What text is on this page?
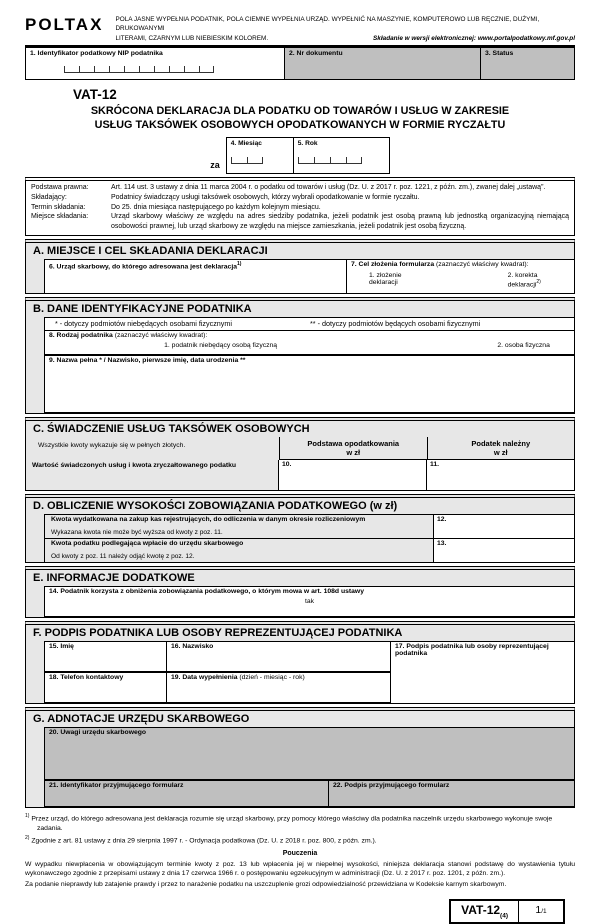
POLTAX POLA JASNE WYPEŁNIA PODATNIK, POLA CIEMNE WYPEŁNIA URZĄD. WYPEŁNIĆ NA MASZYNIE, KOMPUTEROWO LUB RĘCZNIE, DUŻYMI, DRUKOWANYMI
LITERAMI, CZARNYM LUB NIEBIESKIM KOLOREM.	Składanie w wersji elektronicznej: www.portalpodatkowy.mf.gov.pl
1. Identyfikator podatkowy NIP podatnika	2. Nr dokumentu	3. Status
VAT-12
SKRÓCONA DEKLARACJA DLA PODATKU OD TOWARÓW I USŁUG W ZAKRESIE
USŁUG TAKSÓWEK OSOBOWYCH OPODATKOWANYCH W FORMIE RYCZAŁTU
za
4. Miesiąc	5. Rok
Podstawa prawna:	Art. 114 ust. 3 ustawy z dnia 11 marca 2004 r. o podatku od towarów i usług (Dz. U. z 2017 r. poz. 1221, z późn. zm.), zwanej dalej „ustawą”.
Składający:	Podatnicy świadczący usługi taksówek osobowych, którzy wybrali opodatkowanie w formie ryczałtu.
Termin składania:	Do 25. dnia miesiąca następującego po każdym kolejnym miesiącu.
Miejsce składania:	Urząd skarbowy właściwy ze względu na adres siedziby podatnika, jeżeli podatnik jest osobą prawną lub jednostką organizacyjną niemającą osobowości prawnej, lub urząd skarbowy ze względu na miejsce zamieszkania, jeżeli podatnik jest osobą fizyczną.
A. MIEJSCE I CEL SKŁADANIA DEKLARACJI
6. Urząd skarbowy, do którego adresowana jest deklaracja$^{1)}$	7. Cel złożenia formularza (zaznaczyć właściwy kwadrat):
1. złożenie deklaracji
2. korekta deklaracji$^{2)}$
B. DANE IDENTYFIKACYJNE PODATNIKA
* - dotyczy podmiotów niebędących osobami fizycznymi	** - dotyczy podmiotów będących osobami fizycznymi
8. Rodzaj podatnika (zaznaczyć właściwy kwadrat):
1. podatnik niebędący osobą fizyczną	2. osoba fizyczna
9. Nazwa pełna * / Nazwisko, pierwsze imię, data urodzenia **
C. ŚWIADCZENIE USŁUG TAKSÓWEK OSOBOWYCH
Wszystkie kwoty wykazuje się w pełnych złotych.	Podstawa opodatkowania
w zł
Podatek należny
w zł
Wartość świadczonych usług i kwota zryczałtowanego podatku	10.	11.
D. OBLICZENIE WYSOKOŚCI ZOBOWIĄZANIA PODATKOWEGO (w zł)
Kwota wydatkowana na zakup kas rejestrujących, do odliczenia w danym okresie rozliczeniowym
Wykazana kwota nie może być wyższa od kwoty z poz. 11.
12.
Kwota podatku podlegająca wpłacie do urzędu skarbowego
Od kwoty z poz. 11 należy odjąć kwotę z poz. 12.
13.
E. INFORMACJE DODATKOWE
14. Podatnik korzysta z obniżenia zobowiązania podatkowego, o którym mowa w art. 108d ustawy
tak
F. PODPIS PODATNIKA LUB OSOBY REPREZENTUJĄCEJ PODATNIKA
15. Imię	16. Nazwisko
18. Telefon kontaktowy	19. Data wypełnienia (dzień - miesiąc - rok)
17. Podpis podatnika lub osoby reprezentującej podatnika
G. ADNOTACJE URZĘDU SKARBOWEGO
20. Uwagi urzędu skarbowego
21. Identyfikator przyjmującego formularz	22. Podpis przyjmującego formularz
$^{1)}$ Przez urząd, do którego adresowana jest deklaracja rozumie się urząd skarbowy, przy pomocy którego właściwy dla podatnika naczelnik urzędu skarbowego wykonuje swoje zadania.
$^{2)}$ Zgodnie z art. 81 ustawy z dnia 29 sierpnia 1997 r. - Ordynacja podatkowa (Dz. U. z 2018 r. poz. 800, z późn. zm.).
Pouczenia
W wypadku niewpłacenia w obowiązującym terminie kwoty z poz. 13 lub wpłacenia jej w niepełnej wysokości, niniejsza deklaracja stanowi podstawę do wystawienia tytułu wykonawczego zgodnie z przepisami ustawy z dnia 17 czerwca 1966 r. o postępowaniu egzekucyjnym w administracji (Dz. U. z 2017 r. poz. 1201, z późn. zm.).
Za podanie nieprawdy lub zatajenie prawdy i przez to narażenie podatku na uszczuplenie grozi odpowiedzialność przewidziana w Kodeksie karnym skarbowym.
VAT-$12_{(4)}$	1/1
